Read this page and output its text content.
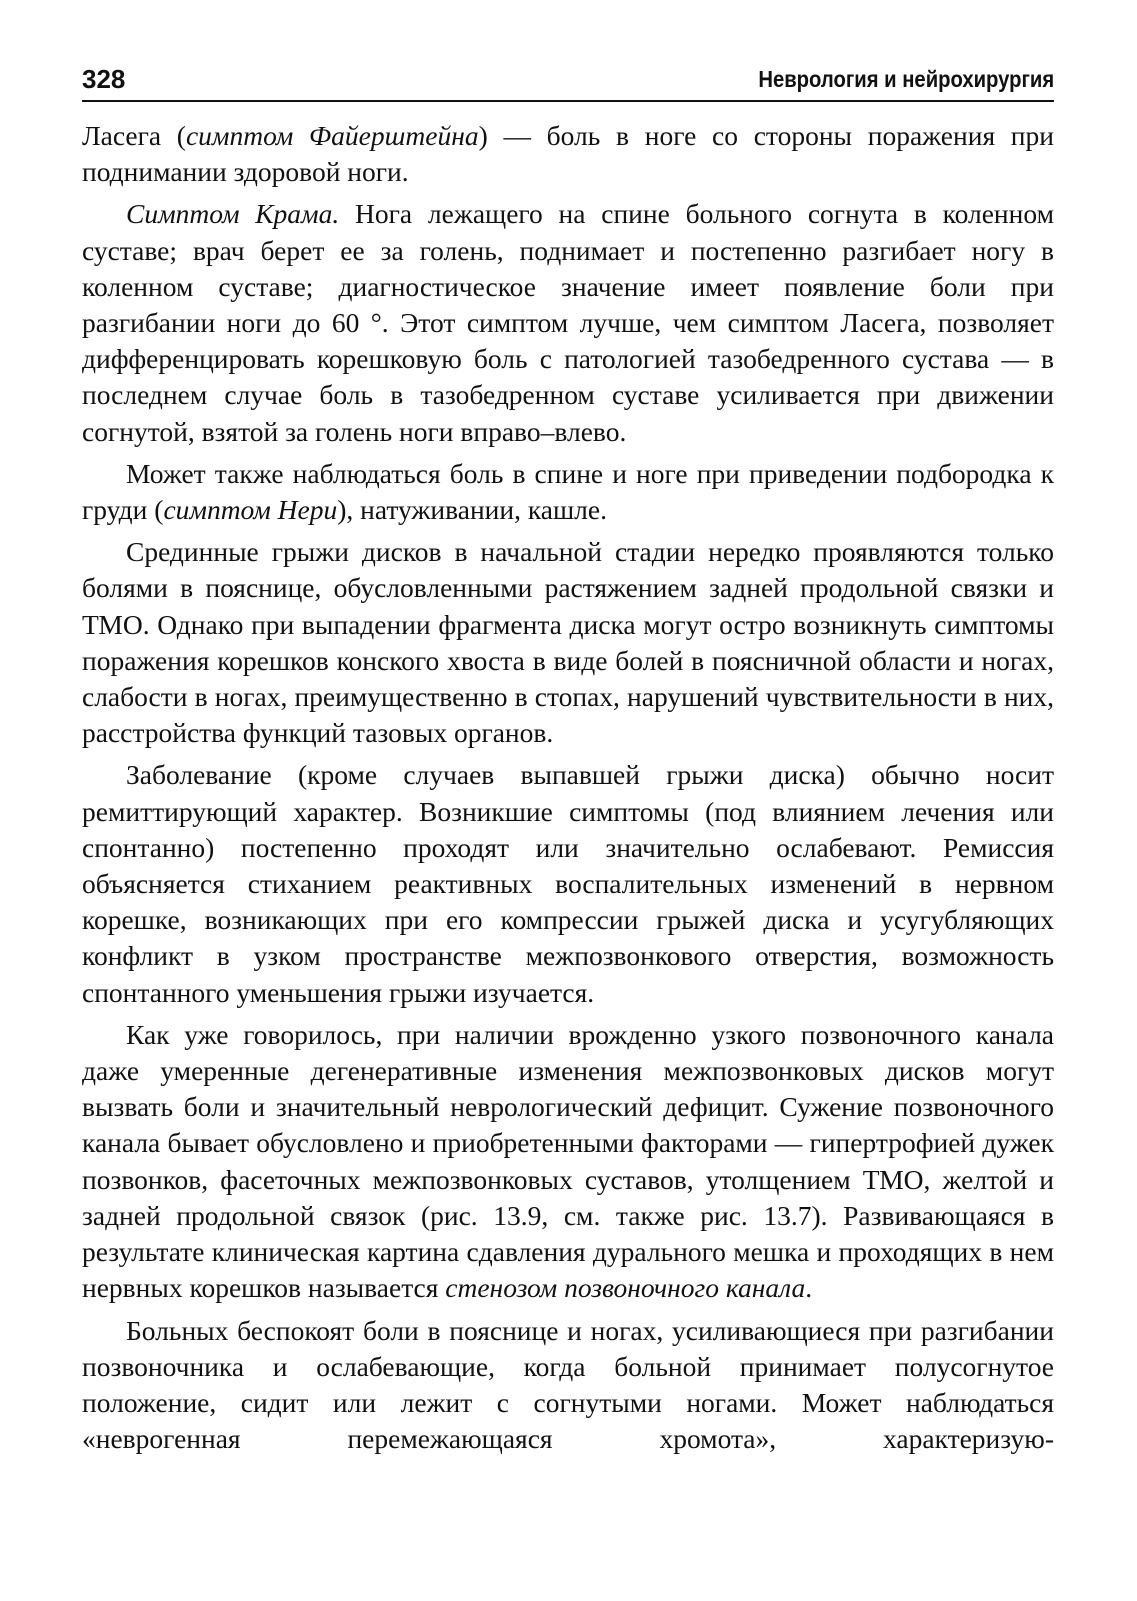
328	Неврология и нейрохирургия

Ласега (симптом Файерштейна) — боль в ноге со стороны поражения при поднимании здоровой ноги.

Симптом Крама. Нога лежащего на спине больного согнута в коленном суставе; врач берет ее за голень, поднимает и постепенно разгибает ногу в коленном суставе; диагностическое значение имеет появление боли при разгибании ноги до 60 °. Этот симптом лучше, чем симптом Ласега, позволяет дифференцировать корешковую боль с патологией тазобедренного сустава — в последнем случае боль в тазобедренном суставе усиливается при движении согнутой, взятой за голень ноги вправо–влево.

Может также наблюдаться боль в спине и ноге при приведении подбородка к груди (симптом Нери), натуживании, кашле.

Срединные грыжи дисков в начальной стадии нередко проявляются только болями в пояснице, обусловленными растяжением задней продольной связки и ТМО. Однако при выпадении фрагмента диска могут остро возникнуть симптомы поражения корешков конского хвоста в виде болей в поясничной области и ногах, слабости в ногах, преимущественно в стопах, нарушений чувствительности в них, расстройства функций тазовых органов.

Заболевание (кроме случаев выпавшей грыжи диска) обычно носит ремиттирующий характер. Возникшие симптомы (под влиянием лечения или спонтанно) постепенно проходят или значительно ослабевают. Ремиссия объясняется стиханием реактивных воспалительных изменений в нервном корешке, возникающих при его компрессии грыжей диска и усугубляющих конфликт в узком пространстве межпозвонкового отверстия, возможность спонтанного уменьшения грыжи изучается.

Как уже говорилось, при наличии врожденно узкого позвоночного канала даже умеренные дегенеративные изменения межпозвонковых дисков могут вызвать боли и значительный неврологический дефицит. Сужение позвоночного канала бывает обусловлено и приобретенными факторами — гипертрофией дужек позвонков, фасеточных межпозвонковых суставов, утолщением ТМО, желтой и задней продольной связок (рис. 13.9, см. также рис. 13.7). Развивающаяся в результате клиническая картина сдавления дурального мешка и проходящих в нем нервных корешков называется стенозом позвоночного канала.

Больных беспокоят боли в пояснице и ногах, усиливающиеся при разгибании позвоночника и ослабевающие, когда больной принимает полусогнутое положение, сидит или лежит с согнутыми ногами. Может наблюдаться «неврогенная перемежающаяся хромота», характеризую-
